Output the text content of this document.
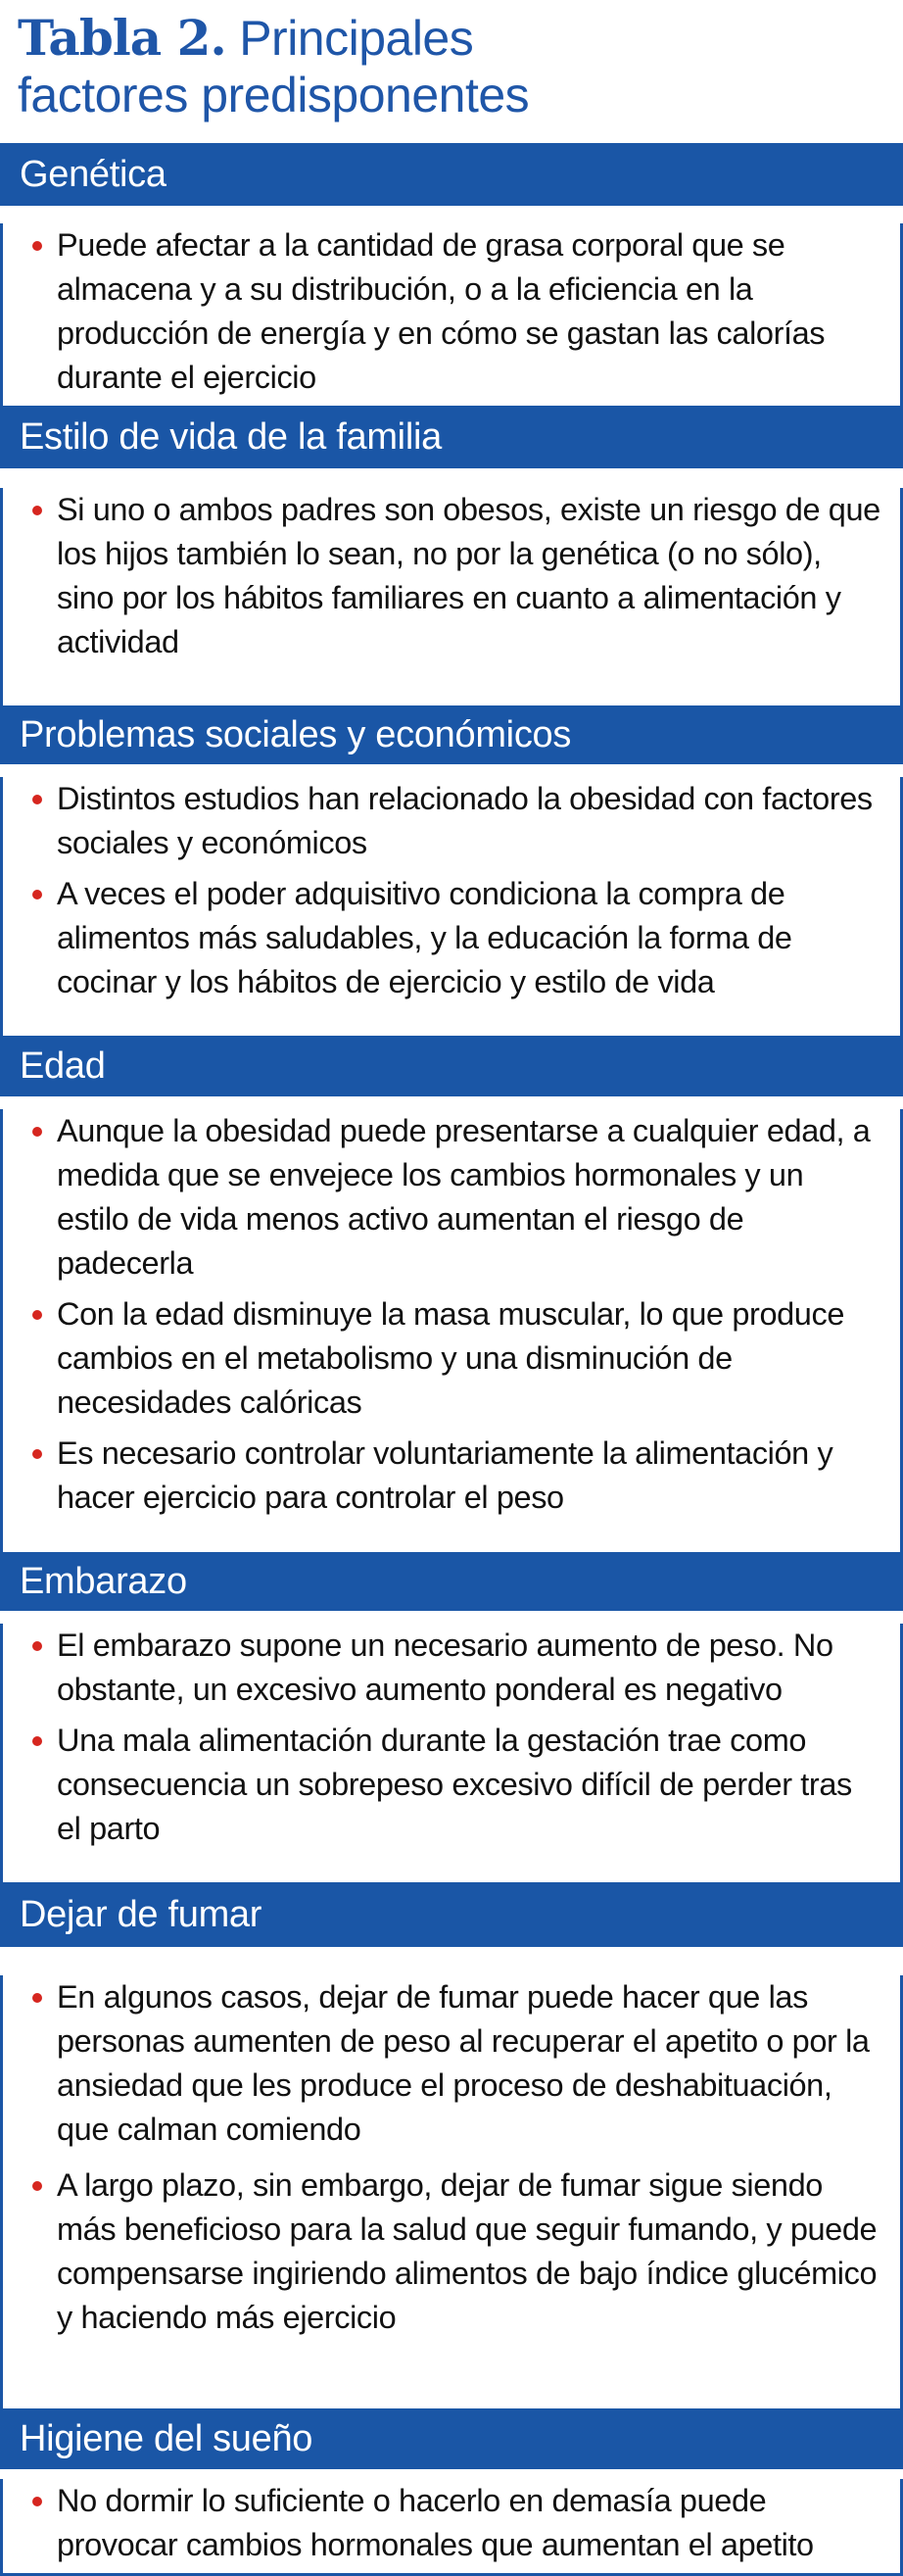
Tabla 2. Principales
factores predisponentes
Genética
Puede afectar a la cantidad de grasa corporal que se almacena y a su distribución, o a la eficiencia en la producción de energía y en cómo se gastan las calorías durante el ejercicio
Estilo de vida de la familia
Si uno o ambos padres son obesos, existe un riesgo de que los hijos también lo sean, no por la genética (o no sólo), sino por los hábitos familiares en cuanto a alimentación y actividad
Problemas sociales y económicos
Distintos estudios han relacionado la obesidad con factores sociales y económicos
A veces el poder adquisitivo condiciona la compra de alimentos más saludables, y la educación la forma de cocinar y los hábitos de ejercicio y estilo de vida
Edad
Aunque la obesidad puede presentarse a cualquier edad, a medida que se envejece los cambios hormonales y un estilo de vida menos activo aumentan el riesgo de padecerla
Con la edad disminuye la masa muscular, lo que produce cambios en el metabolismo y una disminución de necesidades calóricas
Es necesario controlar voluntariamente la alimentación y hacer ejercicio para controlar el peso
Embarazo
El embarazo supone un necesario aumento de peso. No obstante, un excesivo aumento ponderal es negativo
Una mala alimentación durante la gestación trae como consecuencia un sobrepeso excesivo difícil de perder tras el parto
Dejar de fumar
En algunos casos, dejar de fumar puede hacer que las personas aumenten de peso al recuperar el apetito o por la ansiedad que les produce el proceso de deshabituación, que calman comiendo
A largo plazo, sin embargo, dejar de fumar sigue siendo más beneficioso para la salud que seguir fumando, y puede compensarse ingiriendo alimentos de bajo índice glucémico y haciendo más ejercicio
Higiene del sueño
No dormir lo suficiente o hacerlo en demasía puede provocar cambios hormonales que aumentan el apetito
